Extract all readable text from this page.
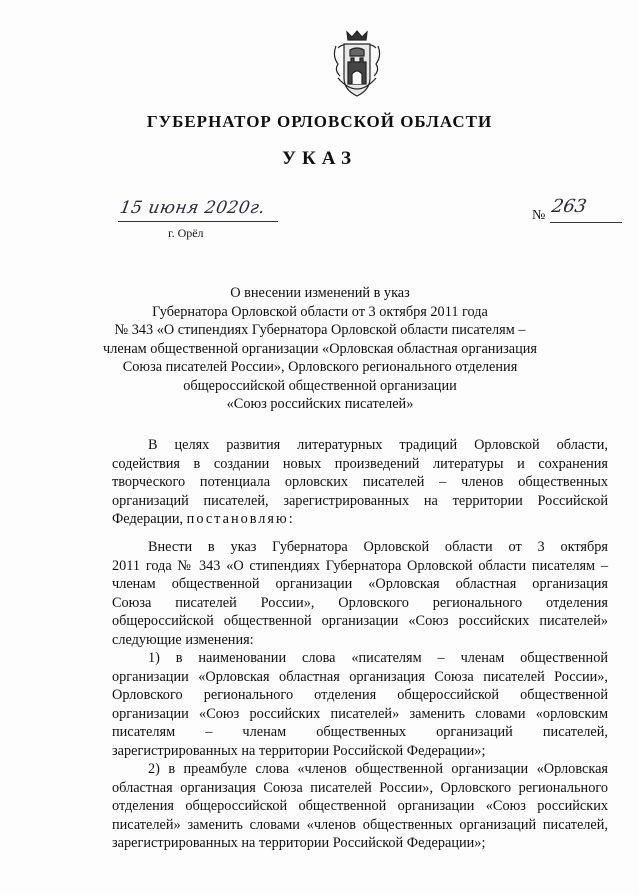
ГУБЕРНАТОР ОРЛОВСКОЙ ОБЛАСТИ
УКАЗ
15 июня 2020г.
г. Орёл
№ 263
О внесении изменений в указ
Губернатора Орловской области от 3 октября 2011 года
№ 343 «О стипендиях Губернатора Орловской области писателям –
членам общественной организации «Орловская областная организация
Союза писателей России», Орловского регионального отделения
общероссийской общественной организации
«Союз российских писателей»
В целях развития литературных традиций Орловской области,
содействия в создании новых произведений литературы и сохранения
творческого потенциала орловских писателей – членов общественных
организаций писателей, зарегистрированных на территории Российской
Федерации, постановляю:
Внести в указ Губернатора Орловской области от 3 октября
2011 года № 343 «О стипендиях Губернатора Орловской области писателям –
членам общественной организации «Орловская областная организация
Союза писателей России», Орловского регионального отделения
общероссийской общественной организации «Союз российских писателей»
следующие изменения:
1) в наименовании слова «писателям – членам общественной
организации «Орловская областная организация Союза писателей России»,
Орловского регионального отделения общероссийской общественной
организации «Союз российских писателей» заменить словами «орловским
писателям – членам общественных организаций писателей,
зарегистрированных на территории Российской Федерации»;
2) в преамбуле слова «членов общественной организации «Орловская
областная организация Союза писателей России», Орловского регионального
отделения общероссийской общественной организации «Союз российских
писателей» заменить словами «членов общественных организаций писателей,
зарегистрированных на территории Российской Федерации»;
